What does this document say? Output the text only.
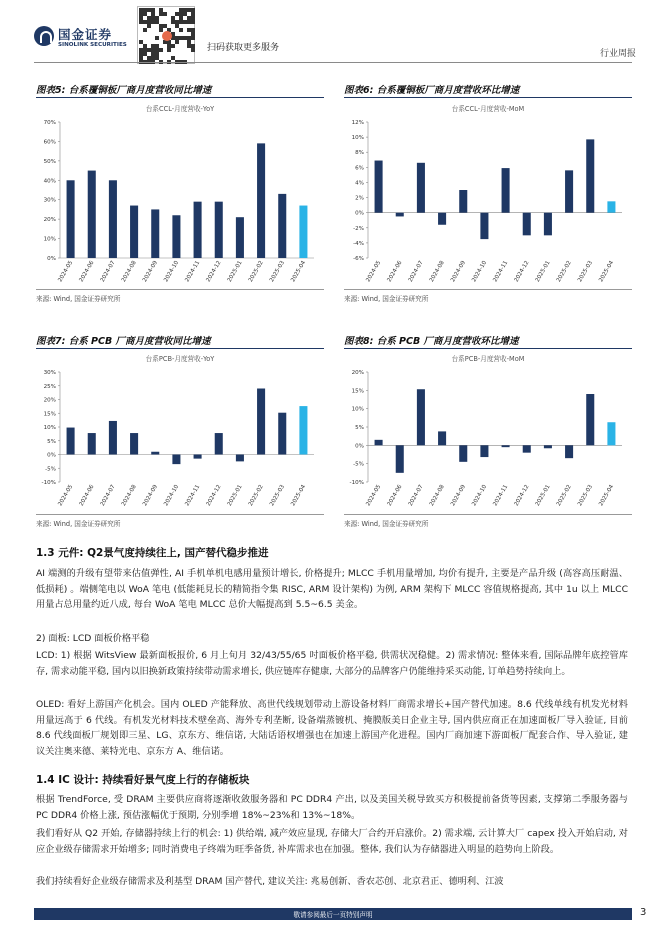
国金证券
SINOLINK SECURITIES	扫码获取更多服务
行业周报
图表5: 台系覆铜板厂商月度营收同比增速
台系CCL-月度营收-YoY
0%
10%
20%
30%
40%
50%
60%
70%
2024-05 2024-06 2024-07 2024-08 2024-09 2024-10 2024-11 2024-12 2025-01 2025-02 2025-03 2025-04
来源: Wind, 国金证券研究所
图表6: 台系覆铜板厂商月度营收环比增速
台系CCL-月度营收-MoM
-6%
-4%
-2%
0%
2%
4%
6%
8%
10%
12%
2024-05 2024-06 2024-07 2024-08 2024-09 2024-10 2024-11 2024-12 2025-01 2025-02 2025-03 2025-04
来源: Wind, 国金证券研究所
图表7: 台系 PCB 厂商月度营收同比增速
台系PCB-月度营收-YoY
-10%
-5%
0%
5%
10%
15%
20%
25%
30%
2024-05 2024-06 2024-07 2024-08 2024-09 2024-10 2024-11 2024-12 2025-01 2025-02 2025-03 2025-04
来源: Wind, 国金证券研究所
图表8: 台系 PCB 厂商月度营收环比增速
台系PCB-月度营收-MoM
-10%
-5%
0%
5%
10%
15%
20%
2024-05 2024-06 2024-07 2024-08 2024-09 2024-10 2024-11 2024-12 2025-01 2025-02 2025-03 2025-04
来源: Wind, 国金证券研究所
1.3 元件: Q2景气度持续往上, 国产替代稳步推进
AI 端测的升级有望带来估值弹性, AI 手机单机电感用量预计增长, 价格提升; MLCC 手机用量增加, 均价有提升, 主要是产品升级 (高容高压耐温、低损耗) 。端侧笔电以 WoA 笔电 (低能耗見长的精简指令集 RISC, ARM 设计架构) 为例, ARM 架构下 MLCC 容值规格提高, 其中 1u 以上 MLCC 用量占总用量约近八成, 每台 WoA 笔电 MLCC 总价大幅提高到 5.5~6.5 美金。
2) 面板: LCD 面板价格平稳
LCD: 1) 根据 WitsView 最新面板报价, 6 月上旬月 32/43/55/65 吋面板价格平稳, 供需状况稳健。2) 需求情况: 整体来看, 国际品牌年底控管库存, 需求动能平稳, 国内以旧换新政策持续带动需求增长, 供应链库存健康, 大部分的品牌客户仍能维持采买动能, 订单趋势持续向上。
OLED: 看好上游国产化机会。国内 OLED 产能释放、高世代线规划带动上游设备材料厂商需求增长+国产替代加速。8.6 代线单线有机发光材料用量远高于 6 代线。有机发光材料技术壁垒高、海外专利垄断, 设备端蒸镀机、掩膜版美日企业主导, 国内供应商正在加速面板厂导入验证, 目前 8.6 代线面板厂规划即三星、LG、京东方、维信诺, 大陆话语权增强也在加速上游国产化进程。国内厂商加速下游面板厂配套合作、导入验证, 建议关注奥来德、莱特光电、京东方 A、维信诺。
1.4 IC 设计: 持续看好景气度上行的存储板块
根据 TrendForce, 受 DRAM 主要供应商将逐渐收敛服务器和 PC DDR4 产出, 以及美国关税导致买方积极提前备货等因素, 支撑第二季服务器与 PC DDR4 价格上涨, 预估涨幅优于预期, 分别季增 18%~23%和 13%~18%。
我们看好从 Q2 开始, 存储器持续上行的机会: 1) 供给端, 减产效应显现, 存储大厂合约开启涨价。2) 需求端, 云计算大厂 capex 投入开始启动, 对应企业级存储需求开始增多; 同时消费电子终端为旺季备货, 补库需求也在加强。整体, 我们认为存储器进入明显的趋势向上阶段。
我们持续看好企业级存储需求及利基型 DRAM 国产替代, 建议关注: 兆易创新、香农芯创、北京君正、德明利、江波
敬请参阅最后一页特别声明	3
